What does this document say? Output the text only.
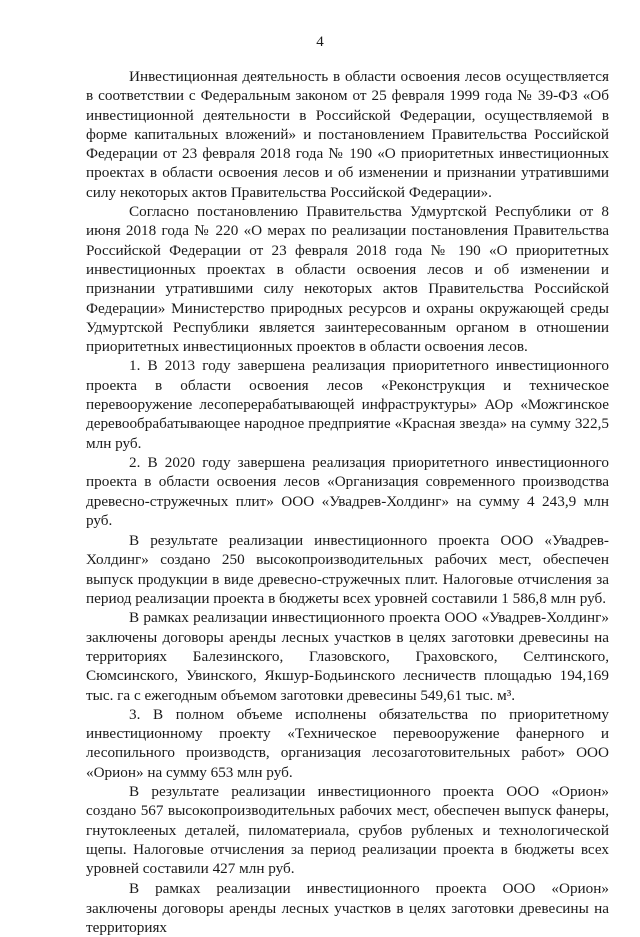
4

Инвестиционная деятельность в области освоения лесов осуществляется в соответствии с Федеральным законом от 25 февраля 1999 года № 39-ФЗ «Об инвестиционной деятельности в Российской Федерации, осуществляемой в форме капитальных вложений» и постановлением Правительства Российской Федерации от 23 февраля 2018 года № 190 «О приоритетных инвестиционных проектах в области освоения лесов и об изменении и признании утратившими силу некоторых актов Правительства Российской Федерации».

Согласно постановлению Правительства Удмуртской Республики от 8 июня 2018 года № 220 «О мерах по реализации постановления Правительства Российской Федерации от 23 февраля 2018 года № 190 «О приоритетных инвестиционных проектах в области освоения лесов и об изменении и признании утратившими силу некоторых актов Правительства Российской Федерации» Министерство природных ресурсов и охраны окружающей среды Удмуртской Республики является заинтересованным органом в отношении приоритетных инвестиционных проектов в области освоения лесов.

1. В 2013 году завершена реализация приоритетного инвестиционного проекта в области освоения лесов «Реконструкция и техническое перевооружение лесоперерабатывающей инфраструктуры» АОр «Можгинское деревообрабатывающее народное предприятие «Красная звезда» на сумму 322,5 млн руб.

2. В 2020 году завершена реализация приоритетного инвестиционного проекта в области освоения лесов «Организация современного производства древесно-стружечных плит» ООО «Увадрев-Холдинг» на сумму 4 243,9 млн руб.

В результате реализации инвестиционного проекта ООО «Увадрев-Холдинг» создано 250 высокопроизводительных рабочих мест, обеспечен выпуск продукции в виде древесно-стружечных плит. Налоговые отчисления за период реализации проекта в бюджеты всех уровней составили 1 586,8 млн руб.

В рамках реализации инвестиционного проекта ООО «Увадрев-Холдинг» заключены договоры аренды лесных участков в целях заготовки древесины на территориях Балезинского, Глазовского, Граховского, Селтинского, Сюмсинского, Увинского, Якшур-Бодьинского лесничеств площадью 194,169 тыс. га с ежегодным объемом заготовки древесины 549,61 тыс. м³.

3. В полном объеме исполнены обязательства по приоритетному инвестиционному проекту «Техническое перевооружение фанерного и лесопильного производств, организация лесозаготовительных работ» ООО «Орион» на сумму 653 млн руб.

В результате реализации инвестиционного проекта ООО «Орион» создано 567 высокопроизводительных рабочих мест, обеспечен выпуск фанеры, гнутоклееных деталей, пиломатериала, срубов рубленых и технологической щепы. Налоговые отчисления за период реализации проекта в бюджеты всех уровней составили 427 млн руб.

В рамках реализации инвестиционного проекта ООО «Орион» заключены договоры аренды лесных участков в целях заготовки древесины на территориях
